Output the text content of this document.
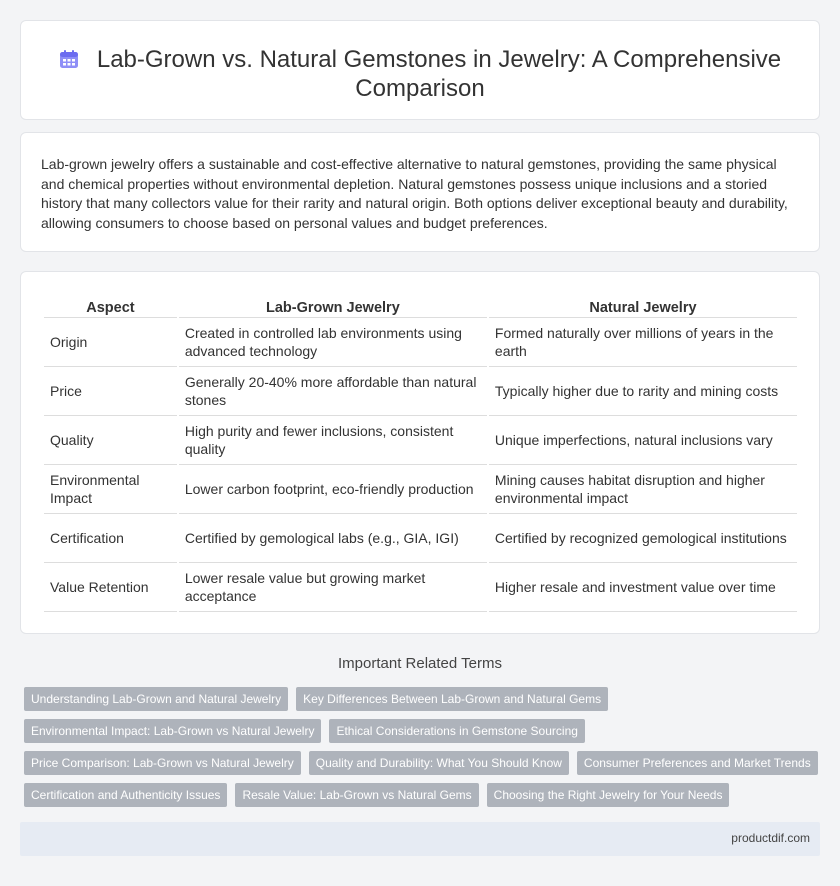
Lab-Grown vs. Natural Gemstones in Jewelry: A Comprehensive Comparison

Lab-grown jewelry offers a sustainable and cost-effective alternative to natural gemstones, providing the same physical and chemical properties without environmental depletion. Natural gemstones possess unique inclusions and a storied history that many collectors value for their rarity and natural origin. Both options deliver exceptional beauty and durability, allowing consumers to choose based on personal values and budget preferences.

Aspect	Lab-Grown Jewelry	Natural Jewelry
Origin	Created in controlled lab environments using advanced technology	Formed naturally over millions of years in the earth
Price	Generally 20-40% more affordable than natural stones	Typically higher due to rarity and mining costs
Quality	High purity and fewer inclusions, consistent quality	Unique imperfections, natural inclusions vary
Environmental Impact	Lower carbon footprint, eco-friendly production	Mining causes habitat disruption and higher environmental impact
Certification	Certified by gemological labs (e.g., GIA, IGI)	Certified by recognized gemological institutions
Value Retention	Lower resale value but growing market acceptance	Higher resale and investment value over time
Important Related Terms
Understanding Lab-Grown and Natural Jewelry	Key Differences Between Lab-Grown and Natural Gems
Environmental Impact: Lab-Grown vs Natural Jewelry	Ethical Considerations in Gemstone Sourcing
Price Comparison: Lab-Grown vs Natural Jewelry	Quality and Durability: What You Should Know	Consumer Preferences and Market Trends
Certification and Authenticity Issues	Resale Value: Lab-Grown vs Natural Gems	Choosing the Right Jewelry for Your Needs
productdif.com
